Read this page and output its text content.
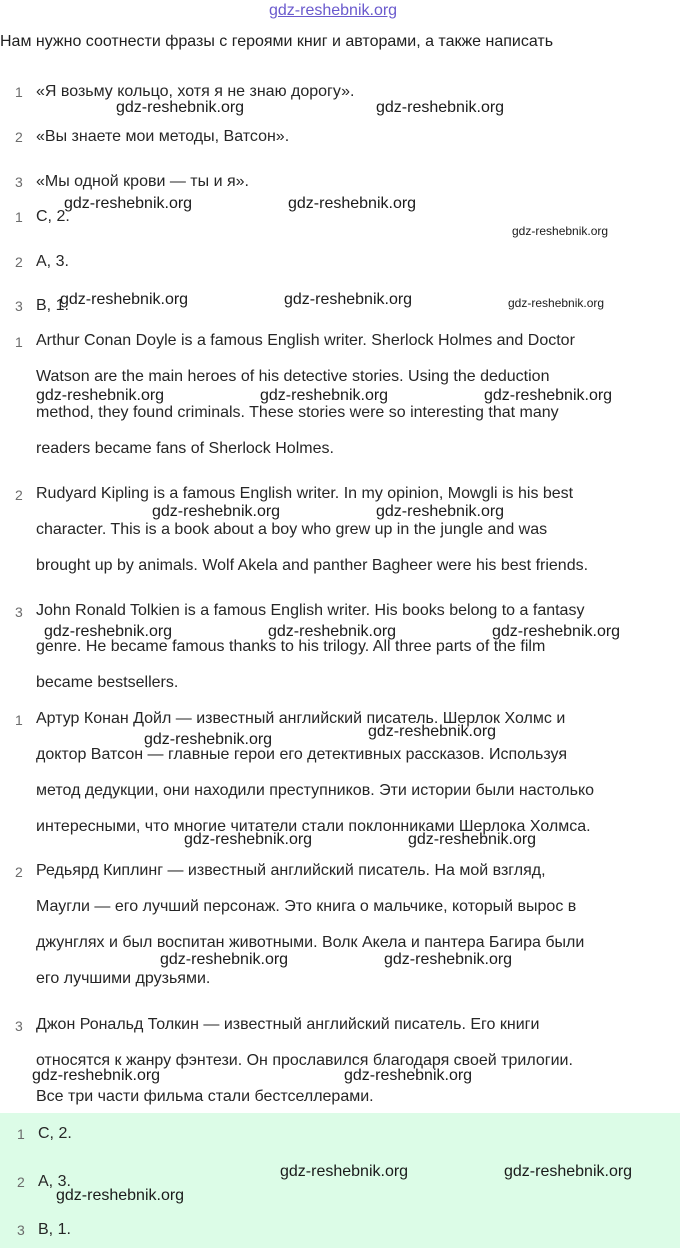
gdz-reshebnik.org
Нам нужно соотнести фразы с героями книг и авторами, а также написать
1 «Я возьму кольцо, хотя я не знаю дорогу».
2 «Вы знаете мои методы, Ватсон».
3 «Мы одной крови — ты и я».
1 C, 2.
2 A, 3.
3 B, 1.
1 Arthur Conan Doyle is a famous English writer. Sherlock Holmes and Doctor
Watson are the main heroes of his detective stories. Using the deduction
method, they found criminals. These stories were so interesting that many
readers became fans of Sherlock Holmes.
2 Rudyard Kipling is a famous English writer. In my opinion, Mowgli is his best
character. This is a book about a boy who grew up in the jungle and was
brought up by animals. Wolf Akela and panther Bagheer were his best friends.
3 John Ronald Tolkien is a famous English writer. His books belong to a fantasy
genre. He became famous thanks to his trilogy. All three parts of the film
became bestsellers.
1 Артур Конан Дойл — известный английский писатель. Шерлок Холмс и
доктор Ватсон — главные герои его детективных рассказов. Используя
метод дедукции, они находили преступников. Эти истории были настолько
интересными, что многие читатели стали поклонниками Шерлока Холмса.
2 Редьярд Киплинг — известный английский писатель. На мой взгляд,
Маугли — его лучший персонаж. Это книга о мальчике, который вырос в
джунглях и был воспитан животными. Волк Акела и пантера Багира были
его лучшими друзьями.
3 Джон Рональд Толкин — известный английский писатель. Его книги
относятся к жанру фэнтези. Он прославился благодаря своей трилогии.
Все три части фильма стали бестселлерами.
1 C, 2.
2 A, 3.
3 B, 1.
gdz-reshebnik.org	gdz-reshebnik.org
gdz-reshebnik.org	gdz-reshebnik.org
gdz-reshebnik.org
gdz-reshebnik.org	gdz-reshebnik.org	gdz-reshebnik.org
gdz-reshebnik.org	gdz-reshebnik.org	gdz-reshebnik.org
gdz-reshebnik.org	gdz-reshebnik.org
gdz-reshebnik.org	gdz-reshebnik.org	gdz-reshebnik.org
gdz-reshebnik.org
gdz-reshebnik.org
gdz-reshebnik.org	gdz-reshebnik.org
gdz-reshebnik.org	gdz-reshebnik.org
gdz-reshebnik.org	gdz-reshebnik.org
gdz-reshebnik.org	gdz-reshebnik.org
gdz-reshebnik.org
